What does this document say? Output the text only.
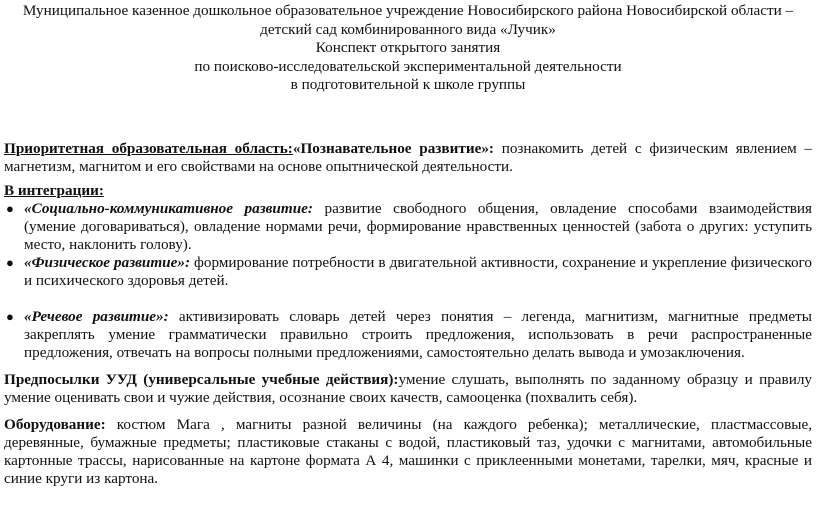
Муниципальное казенное дошкольное образовательное учреждение Новосибирского района Новосибирской области –
детский сад комбинированного вида «Лучик»
Конспект открытого занятия
по поисково-исследовательской экспериментальной деятельности
в подготовительной к школе группы
Приоритетная образовательная область:«Познавательное развитие»: познакомить детей с физическим явлением – магнетизм, магнитом и его свойствами на основе опытнической деятельности.
В интеграции:
● «Социально-коммуникативное развитие: развитие свободного общения, овладение способами взаимодействия (умение договариваться), овладение нормами речи, формирование нравственных ценностей (забота о других: уступить место, наклонить голову).
● «Физическое развитие»: формирование потребности в двигательной активности, сохранение и укрепление физического и психического здоровья детей.
● «Речевое развитие»: активизировать словарь детей через понятия – легенда, магнитизм, магнитные предметы закреплять умение грамматически правильно строить предложения, использовать в речи распространенные предложения, отвечать на вопросы полными предложениями, самостоятельно делать вывода и умозаключения.
Предпосылки УУД (универсальные учебные действия):умение слушать, выполнять по заданному образцу и правилу умение оценивать свои и чужие действия, осознание своих качеств, самооценка (похвалить себя).
Оборудование: костюм Мага , магниты разной величины (на каждого ребенка); металлические, пластмассовые, деревянные, бумажные предметы; пластиковые стаканы с водой, пластиковый таз, удочки с магнитами, автомобильные картонные трассы, нарисованные на картоне формата А 4, машинки с приклеенными монетами, тарелки, мяч, красные и синие круги из картона.
